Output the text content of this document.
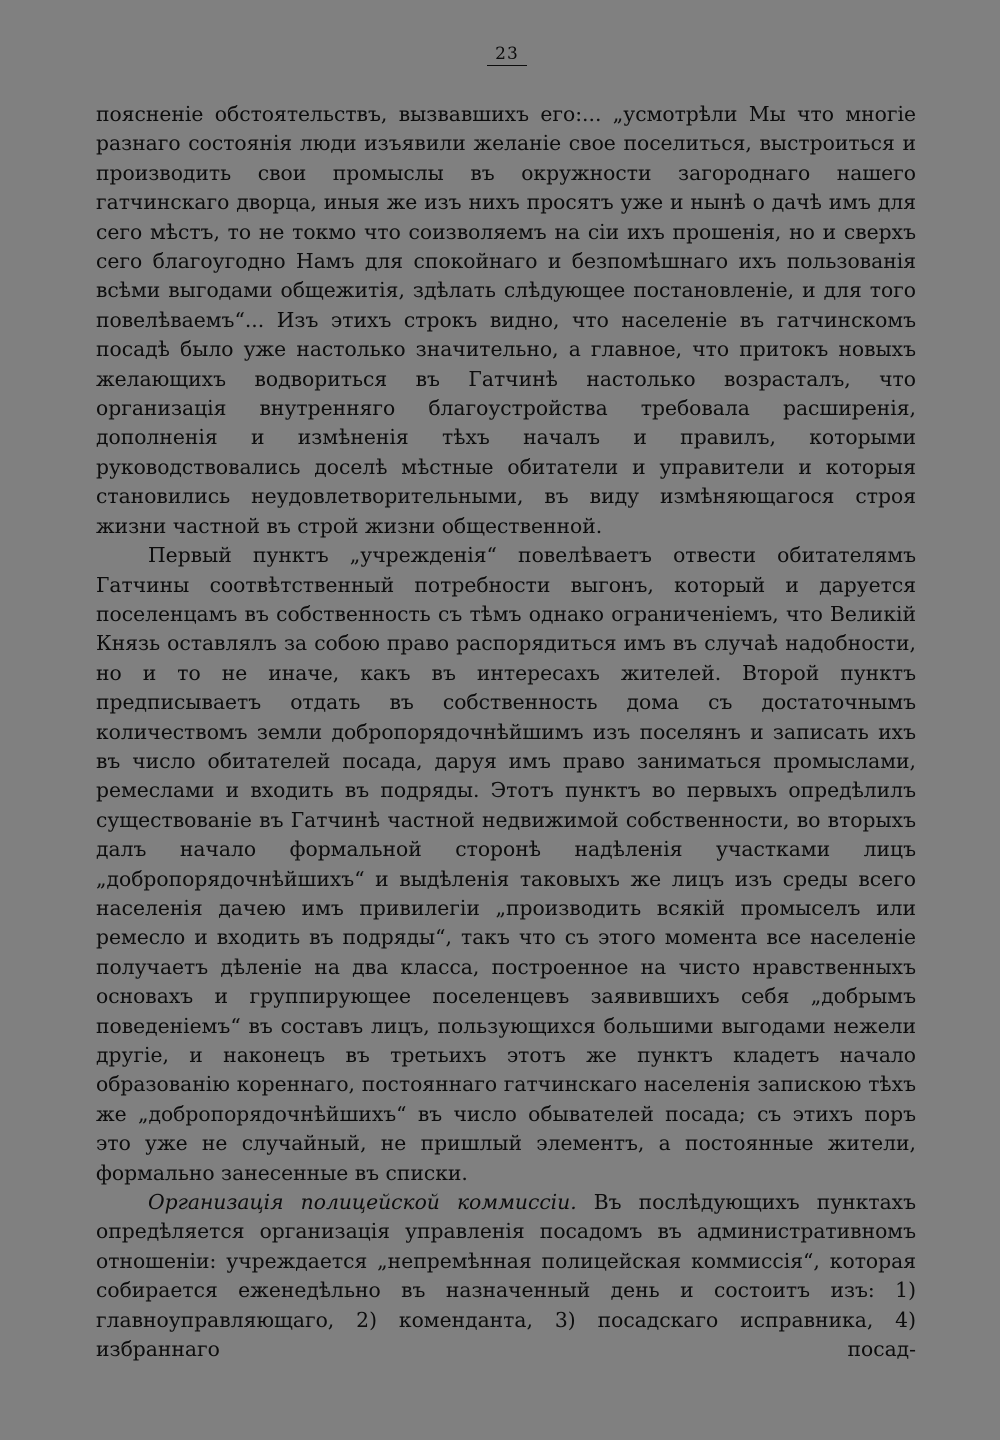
23

поясненіе обстоятельствъ, вызвавшихъ его:... „усмотрѣли Мы что многіе разнаго состоянія люди изъявили желаніе свое поселиться, выстроиться и производить свои промыслы въ окружности загороднаго нашего гатчинскаго дворца, иныя же изъ нихъ просятъ уже и нынѣ о дачѣ имъ для сего мѣстъ, то не токмо что соизволяемъ на сіи ихъ прошенія, но и сверхъ сего благоугодно Намъ для спокойнаго и безпомѣшнаго ихъ пользованія всѣми выгодами общежитія, здѣлать слѣдующее постановленіе, и для того повелѣваемъ“... Изъ этихъ строкъ видно, что населеніе въ гатчинскомъ посадѣ было уже настолько значительно, а главное, что притокъ новыхъ желающихъ водвориться въ Гатчинѣ настолько возрасталъ, что организація внутренняго благоустройства требовала расширенія, дополненія и измѣненія тѣхъ началъ и правилъ, которыми руководствовались доселѣ мѣстные обитатели и управители и которыя становились неудовлетворительными, въ виду измѣняющагося строя жизни частной въ строй жизни общественной.

Первый пунктъ „учрежденія“ повелѣваетъ отвести обитателямъ Гатчины соотвѣтственный потребности выгонъ, который и даруется поселенцамъ въ собственность съ тѣмъ однако ограниченіемъ, что Великій Князь оставлялъ за собою право распорядиться имъ въ случаѣ надобности, но и то не иначе, какъ въ интересахъ жителей. Второй пунктъ предписываетъ отдать въ собственность дома съ достаточнымъ количествомъ земли добропорядочнѣйшимъ изъ поселянъ и записать ихъ въ число обитателей посада, даруя имъ право заниматься промыслами, ремеслами и входить въ подряды. Этотъ пунктъ во первыхъ опредѣлилъ существованіе въ Гатчинѣ частной недвижимой собственности, во вторыхъ далъ начало формальной сторонѣ надѣленія участками лицъ „добропорядочнѣйшихъ“ и выдѣленія таковыхъ же лицъ изъ среды всего населенія дачею имъ привилегіи „производить всякій промыселъ или ремесло и входить въ подряды“, такъ что съ этого момента все населеніе получаетъ дѣленіе на два класса, построенное на чисто нравственныхъ основахъ и группирующее поселенцевъ заявившихъ себя „добрымъ поведеніемъ“ въ составъ лицъ, пользующихся большими выгодами нежели другіе, и наконецъ въ третьихъ этотъ же пунктъ кладетъ начало образованію кореннаго, постояннаго гатчинскаго населенія запискою тѣхъ же „добропорядочнѣйшихъ“ въ число обывателей посада; съ этихъ поръ это уже не случайный, не пришлый элементъ, а постоянные жители, формально занесенные въ списки.

Организація полицейской коммиссіи. Въ послѣдующихъ пунктахъ опредѣляется организація управленія посадомъ въ административномъ отношеніи: учреждается „непремѣнная полицейская коммиссія“, которая собирается еженедѣльно въ назначенный день и состоитъ изъ: 1) главноуправляющаго, 2) коменданта, 3) посадскаго исправника, 4) избраннаго посад-
